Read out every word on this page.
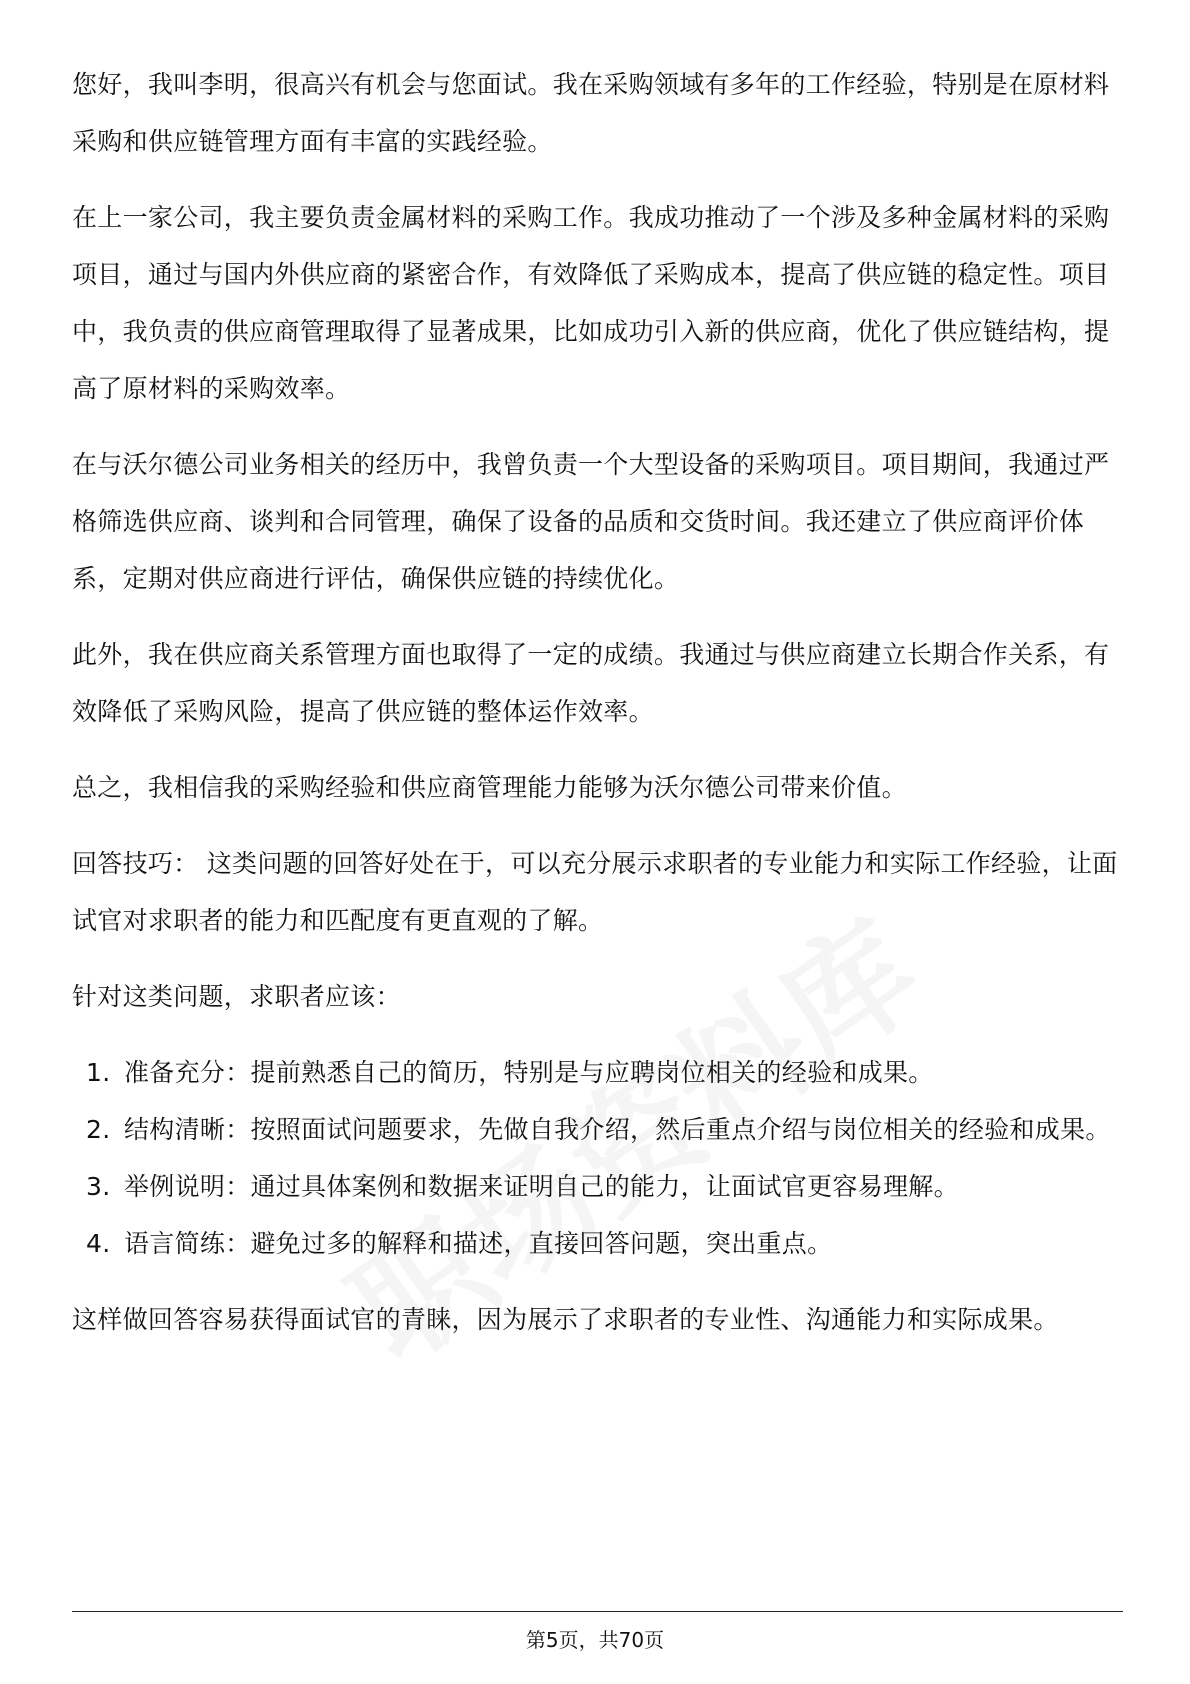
您好，我叫李明，很高兴有机会与您面试。我在采购领域有多年的工作经验，特别是在原材料采购和供应链管理方面有丰富的实践经验。

在上一家公司，我主要负责金属材料的采购工作。我成功推动了一个涉及多种金属材料的采购项目，通过与国内外供应商的紧密合作，有效降低了采购成本，提高了供应链的稳定性。项目中，我负责的供应商管理取得了显著成果，比如成功引入新的供应商，优化了供应链结构，提高了原材料的采购效率。

在与沃尔德公司业务相关的经历中，我曾负责一个大型设备的采购项目。项目期间，我通过严格筛选供应商、谈判和合同管理，确保了设备的品质和交货时间。我还建立了供应商评价体系，定期对供应商进行评估，确保供应链的持续优化。

此外，我在供应商关系管理方面也取得了一定的成绩。我通过与供应商建立长期合作关系，有效降低了采购风险，提高了供应链的整体运作效率。

总之，我相信我的采购经验和供应商管理能力能够为沃尔德公司带来价值。

回答技巧： 这类问题的回答好处在于，可以充分展示求职者的专业能力和实际工作经验，让面试官对求职者的能力和匹配度有更直观的了解。

针对这类问题，求职者应该：

1. 准备充分：提前熟悉自己的简历，特别是与应聘岗位相关的经验和成果。
2. 结构清晰：按照面试问题要求，先做自我介绍，然后重点介绍与岗位相关的经验和成果。
3. 举例说明：通过具体案例和数据来证明自己的能力，让面试官更容易理解。
4. 语言简练：避免过多的解释和描述，直接回答问题，突出重点。

这样做回答容易获得面试官的青睐，因为展示了求职者的专业性、沟通能力和实际成果。

第5页，共70页
